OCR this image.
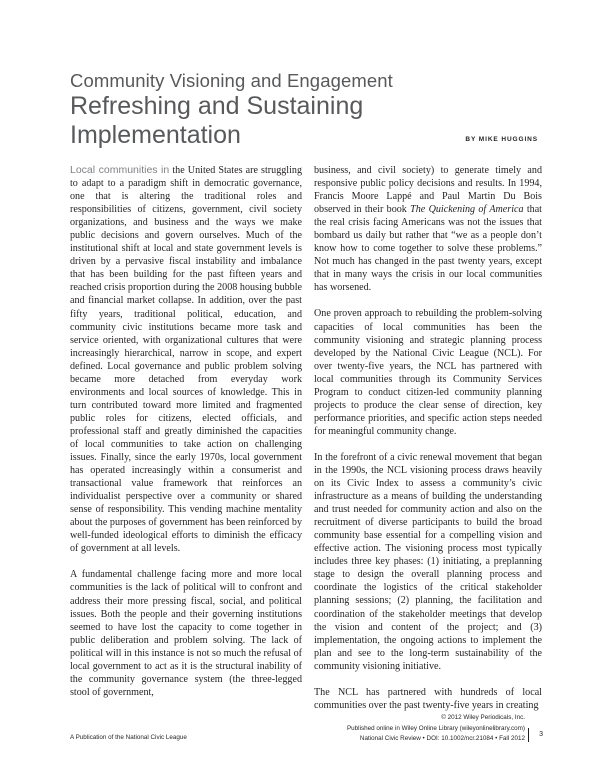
Community Visioning and Engagement
Refreshing and Sustaining
Implementation	BY MIKE HUGGINS

Local communities in the United States are struggling to adapt to a paradigm shift in democratic governance, one that is altering the traditional roles and responsibilities of citizens, government, civil society organizations, and business and the ways we make public decisions and govern ourselves. Much of the institutional shift at local and state government levels is driven by a pervasive fiscal instability and imbalance that has been building for the past fifteen years and reached crisis proportion during the 2008 housing bubble and financial market collapse. In addition, over the past fifty years, traditional political, education, and community civic institutions became more task and service oriented, with organizational cultures that were increasingly hierarchical, narrow in scope, and expert defined. Local governance and public problem solving became more detached from everyday work environments and local sources of knowledge. This in turn contributed toward more limited and fragmented public roles for citizens, elected officials, and professional staff and greatly diminished the capacities of local communities to take action on challenging issues. Finally, since the early 1970s, local government has operated increasingly within a consumerist and transactional value framework that reinforces an individualist perspective over a community or shared sense of responsibility. This vending machine mentality about the purposes of government has been reinforced by well-funded ideological efforts to diminish the efficacy of government at all levels.

A fundamental challenge facing more and more local communities is the lack of political will to confront and address their more pressing fiscal, social, and political issues. Both the people and their governing institutions seemed to have lost the capacity to come together in public deliberation and problem solving. The lack of political will in this instance is not so much the refusal of local government to act as it is the structural inability of the community governance system (the three-legged stool of government,

business, and civil society) to generate timely and responsive public policy decisions and results. In 1994, Francis Moore Lappé and Paul Martin Du Bois observed in their book The Quickening of America that the real crisis facing Americans was not the issues that bombard us daily but rather that “we as a people don’t know how to come together to solve these problems.” Not much has changed in the past twenty years, except that in many ways the crisis in our local communities has worsened.

One proven approach to rebuilding the problem-solving capacities of local communities has been the community visioning and strategic planning process developed by the National Civic League (NCL). For over twenty-five years, the NCL has partnered with local communities through its Community Services Program to conduct citizen-led community planning projects to produce the clear sense of direction, key performance priorities, and specific action steps needed for meaningful community change.

In the forefront of a civic renewal movement that began in the 1990s, the NCL visioning process draws heavily on its Civic Index to assess a community’s civic infrastructure as a means of building the understanding and trust needed for community action and also on the recruitment of diverse participants to build the broad community base essential for a compelling vision and effective action. The visioning process most typically includes three key phases: (1) initiating, a preplanning stage to design the overall planning process and coordinate the logistics of the critical stakeholder planning sessions; (2) planning, the facilitation and coordination of the stakeholder meetings that develop the vision and content of the project; and (3) implementation, the ongoing actions to implement the plan and see to the long-term sustainability of the community visioning initiative.

The NCL has partnered with hundreds of local communities over the past twenty-five years in creating

A Publication of the National Civic League
© 2012 Wiley Periodicals, Inc.
Published online in Wiley Online Library (wileyonlinelibrary.com)
National Civic Review • DOI: 10.1002/ncr.21084 • Fall 2012
3
